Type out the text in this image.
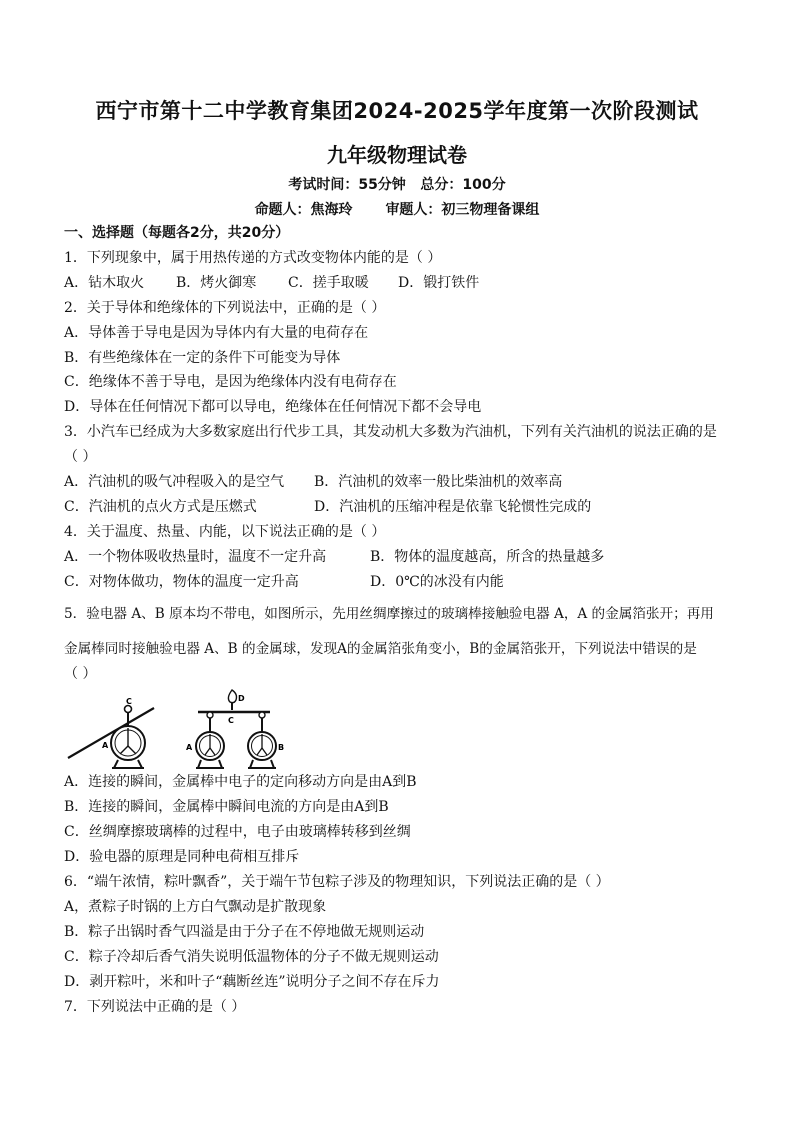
西宁市第十二中学教育集团2024-2025学年度第一次阶段测试
九年级物理试卷
考试时间：55分钟   总分：100分
命题人：焦海玲 审题人：初三物理备课组
一、选择题（每题各2分，共20分）
1．下列现象中，属于用热传递的方式改变物体内能的是（ ）
A．钻木取火 B．烤火御寒 C．搓手取暖 D．锻打铁件
2．关于导体和绝缘体的下列说法中，正确的是（ ）
A．导体善于导电是因为导体内有大量的电荷存在
B．有些绝缘体在一定的条件下可能变为导体
C．绝缘体不善于导电，是因为绝缘体内没有电荷存在
D．导体在任何情况下都可以导电，绝缘体在任何情况下都不会导电
3．小汽车已经成为大多数家庭出行代步工具，其发动机大多数为汽油机，下列有关汽油机的说法正确的是
（ ）
A．汽油机的吸气冲程吸入的是空气 B．汽油机的效率一般比柴油机的效率高
C．汽油机的点火方式是压燃式	D．汽油机的压缩冲程是依靠飞轮惯性完成的
4．关于温度、热量、内能，以下说法正确的是（ ）
A．一个物体吸收热量时，温度不一定升高	B．物体的温度越高，所含的热量越多
C．对物体做功，物体的温度一定升高	D．0℃的冰没有内能
5．验电器 A、B 原本均不带电，如图所示，先用丝绸摩擦过的玻璃棒接触验电器 A，A 的金属箔张开；再用
金属棒同时接触验电器 A、B 的金属球，发现A的金属箔张角变小，B的金属箔张开，下列说法中错误的是
（ ）
C
A
D
C
A	B
A．连接的瞬间，金属棒中电子的定向移动方向是由A到B
B．连接的瞬间，金属棒中瞬间电流的方向是由A到B
C．丝绸摩擦玻璃棒的过程中，电子由玻璃棒转移到丝绸
D．验电器的原理是同种电荷相互排斥
6．“端午浓情，粽叶飘香”，关于端午节包粽子涉及的物理知识，下列说法正确的是（ ）
A，煮粽子时锅的上方白气飘动是扩散现象
B．粽子出锅时香气四溢是由于分子在不停地做无规则运动
C．粽子冷却后香气消失说明低温物体的分子不做无规则运动
D．剥开粽叶，米和叶子“藕断丝连”说明分子之间不存在斥力
7．下列说法中正确的是（ ）
